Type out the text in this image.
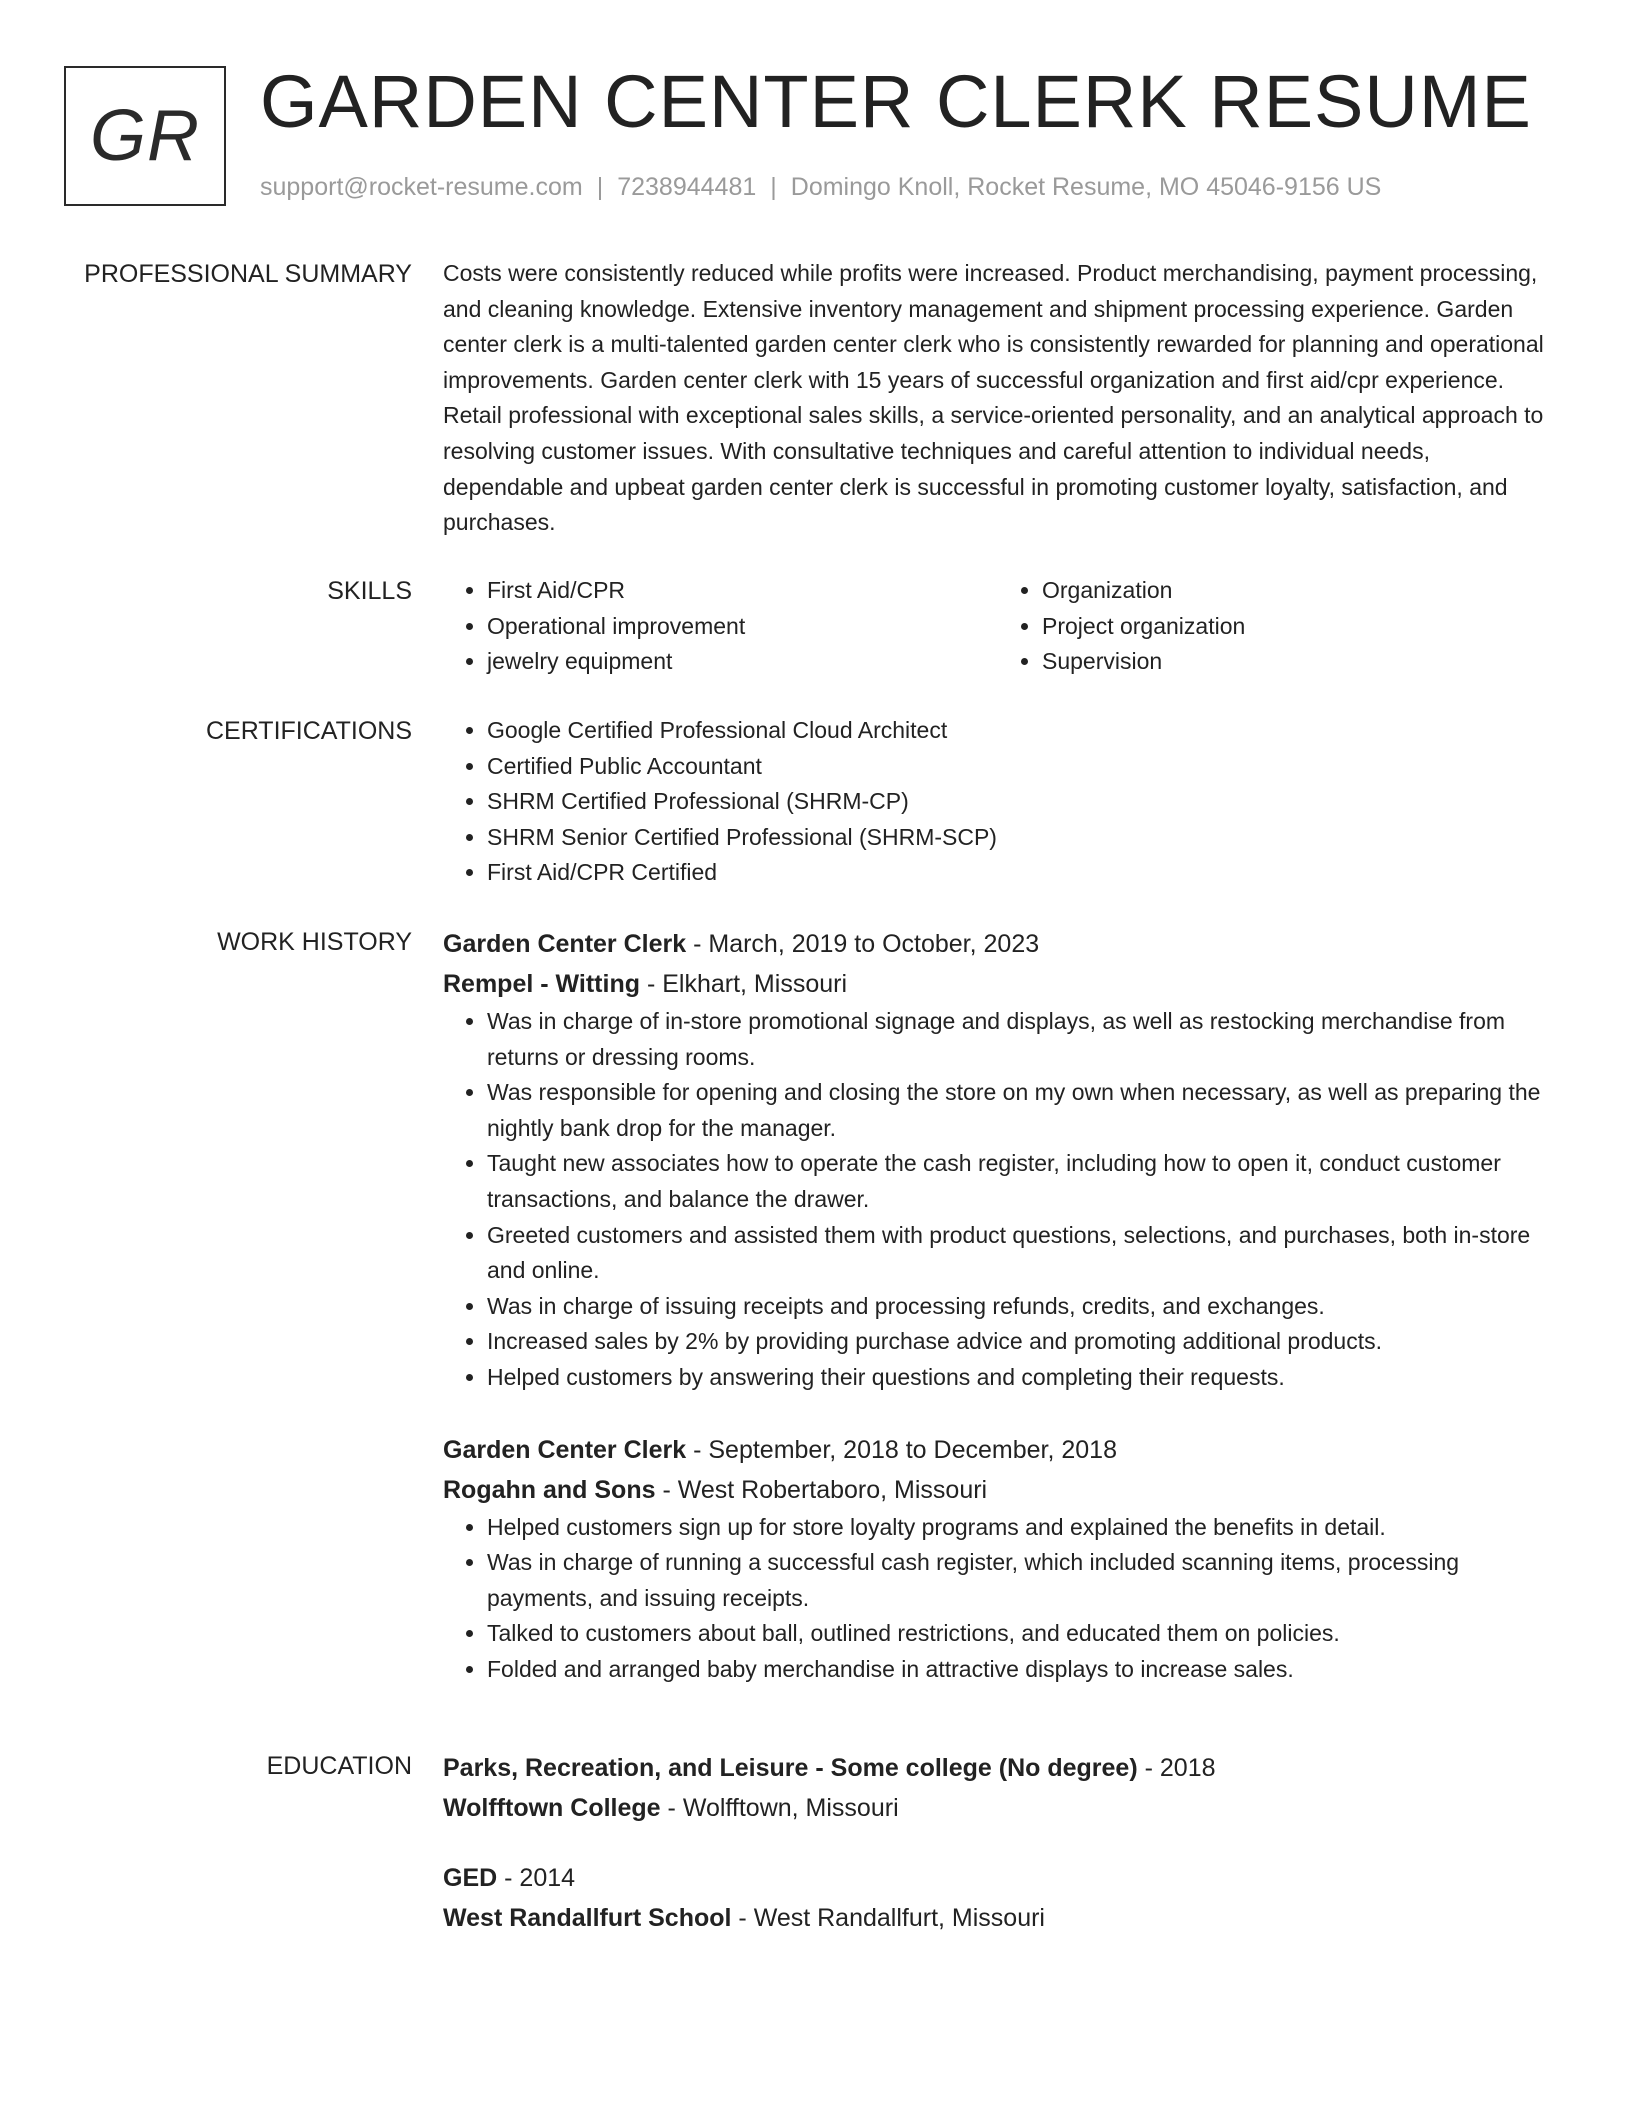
GR GARDEN CENTER CLERK RESUME
support@rocket-resume.com | 7238944481 | Domingo Knoll, Rocket Resume, MO 45046-9156 US
PROFESSIONAL SUMMARY Costs were consistently reduced while profits were increased. Product merchandising, payment processing, and cleaning knowledge. Extensive inventory management and shipment processing experience. Garden center clerk is a multi-talented garden center clerk who is consistently rewarded for planning and operational improvements. Garden center clerk with 15 years of successful organization and first aid/cpr experience. Retail professional with exceptional sales skills, a service-oriented personality, and an analytical approach to resolving customer issues. With consultative techniques and careful attention to individual needs, dependable and upbeat garden center clerk is successful in promoting customer loyalty, satisfaction, and purchases.

SKILLS	• First Aid/CPR
• Operational improvement
• jewelry equipment
• Organization
• Project organization
• Supervision
CERTIFICATIONS	• Google Certified Professional Cloud Architect
• Certified Public Accountant
• SHRM Certified Professional (SHRM-CP)
• SHRM Senior Certified Professional (SHRM-SCP)
• First Aid/CPR Certified
WORK HISTORY Garden Center Clerk - March, 2019 to October, 2023
Rempel - Witting - Elkhart, Missouri
• Was in charge of in-store promotional signage and displays, as well as restocking merchandise from returns or dressing rooms.
• Was responsible for opening and closing the store on my own when necessary, as well as preparing the nightly bank drop for the manager.
• Taught new associates how to operate the cash register, including how to open it, conduct customer transactions, and balance the drawer.
• Greeted customers and assisted them with product questions, selections, and purchases, both in-store and online.
• Was in charge of issuing receipts and processing refunds, credits, and exchanges.
• Increased sales by 2% by providing purchase advice and promoting additional products.
• Helped customers by answering their questions and completing their requests.
Garden Center Clerk - September, 2018 to December, 2018
Rogahn and Sons - West Robertaboro, Missouri
• Helped customers sign up for store loyalty programs and explained the benefits in detail.
• Was in charge of running a successful cash register, which included scanning items, processing payments, and issuing receipts.
• Talked to customers about ball, outlined restrictions, and educated them on policies.
• Folded and arranged baby merchandise in attractive displays to increase sales.
EDUCATION Parks, Recreation, and Leisure - Some college (No degree) - 2018
Wolfftown College - Wolfftown, Missouri
GED - 2014
West Randallfurt School - West Randallfurt, Missouri
